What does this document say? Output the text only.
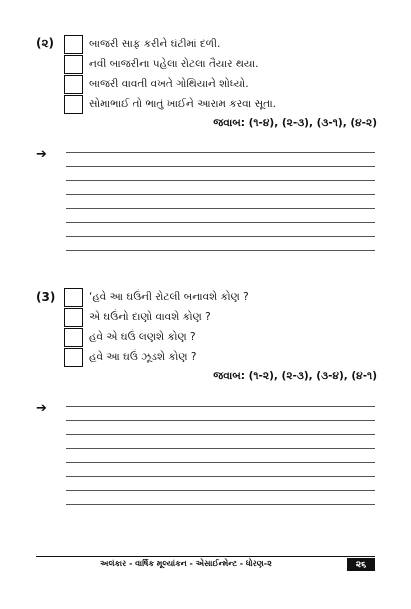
(૨)	બાજરી સાફ કરીને ઘંટીમાં દળી.
નવી બાજરીના પહેલા રોટલા તૈયાર થયા.
બાજરી વાવતી વખતે ગોથિયાને શોધ્યો.
સોમાભાઈ તો ભાતું ખાઈને આરામ કરવા સૂતા.
જવાબ: (૧-૪), (૨-૩), (૩-૧), (૪-૨)
➔
(3)	‘હવે આ ઘઉંની રોટલી બનાવશે કોણ ?
એ ઘઉંનો દાણો વાવશે કોણ ?
હવે એ ઘઉં લણશે કોણ ?
હવે આ ઘઉં ઝૂડશે કોણ ?
જવાબ: (૧-૨), (૨-૩), (૩-૪), (૪-૧)
➔
અલંકાર - વાર્ષિક મૂલ્યાંકન - એસાઈન્મેન્ટ - ધોરણ-૨	૨૬
